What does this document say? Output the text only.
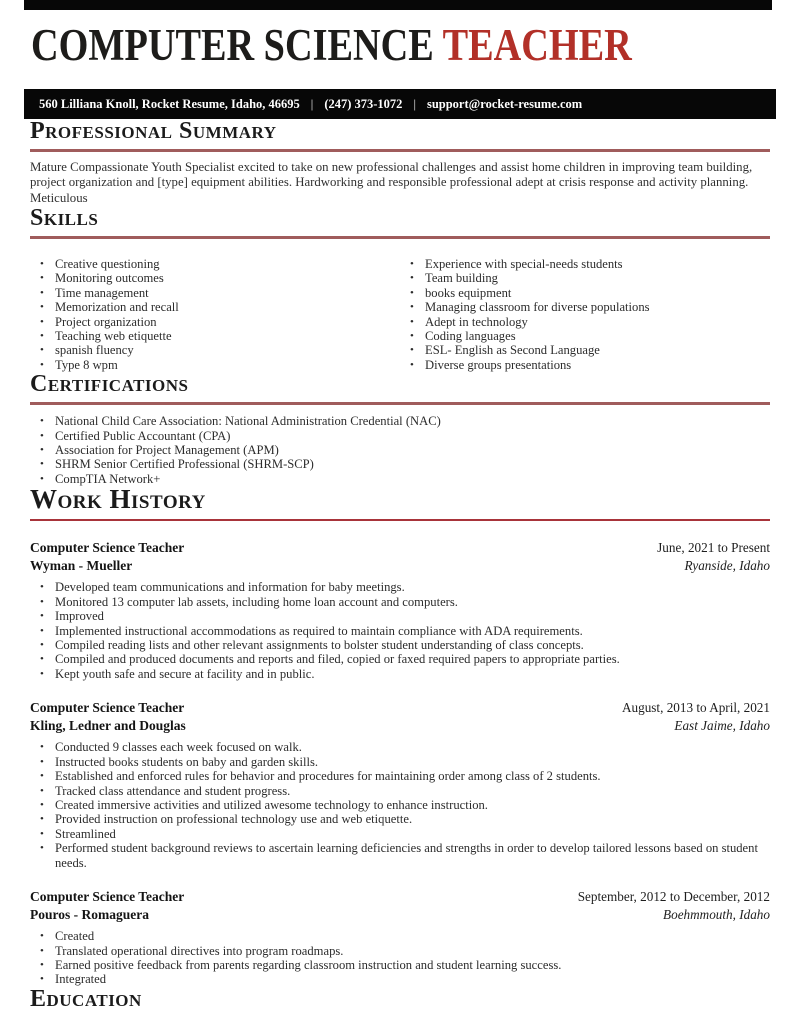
COMPUTER SCIENCE TEACHER
560 Lilliana Knoll, Rocket Resume, Idaho, 46695 | (247) 373-1072 | support@rocket-resume.com
Professional Summary

Mature Compassionate Youth Specialist excited to take on new professional challenges and assist home children in improving team building, project organization and [type] equipment abilities. Hardworking and responsible professional adept at crisis response and activity planning. Meticulous

Skills
• Creative questioning
• Monitoring outcomes
• Time management
• Memorization and recall
• Project organization
• Teaching web etiquette
• spanish fluency
• Type 8 wpm
• Experience with special-needs students
• Team building
• books equipment
• Managing classroom for diverse populations
• Adept in technology
• Coding languages
• ESL- English as Second Language
• Diverse groups presentations
Certifications
• National Child Care Association: National Administration Credential (NAC)
• Certified Public Accountant (CPA)
• Association for Project Management (APM)
• SHRM Senior Certified Professional (SHRM-SCP)
• CompTIA Network+
Work History
Computer Science Teacher	June, 2021 to Present
Wyman - Mueller	Ryanside, Idaho
• Developed team communications and information for baby meetings.
• Monitored 13 computer lab assets, including home loan account and computers.
• Improved
• Implemented instructional accommodations as required to maintain compliance with ADA requirements.
• Compiled reading lists and other relevant assignments to bolster student understanding of class concepts.
• Compiled and produced documents and reports and filed, copied or faxed required papers to appropriate parties.
• Kept youth safe and secure at facility and in public.
Computer Science Teacher	August, 2013 to April, 2021
Kling, Ledner and Douglas	East Jaime, Idaho
• Conducted 9 classes each week focused on walk.
• Instructed books students on baby and garden skills.
• Established and enforced rules for behavior and procedures for maintaining order among class of 2 students.
• Tracked class attendance and student progress.
• Created immersive activities and utilized awesome technology to enhance instruction.
• Provided instruction on professional technology use and web etiquette.
• Streamlined
• Performed student background reviews to ascertain learning deficiencies and strengths in order to develop tailored lessons based on student needs.
Computer Science Teacher	September, 2012 to December, 2012
Pouros - Romaguera	Boehmmouth, Idaho
• Created
• Translated operational directives into program roadmaps.
• Earned positive feedback from parents regarding classroom instruction and student learning success.
• Integrated
Education
